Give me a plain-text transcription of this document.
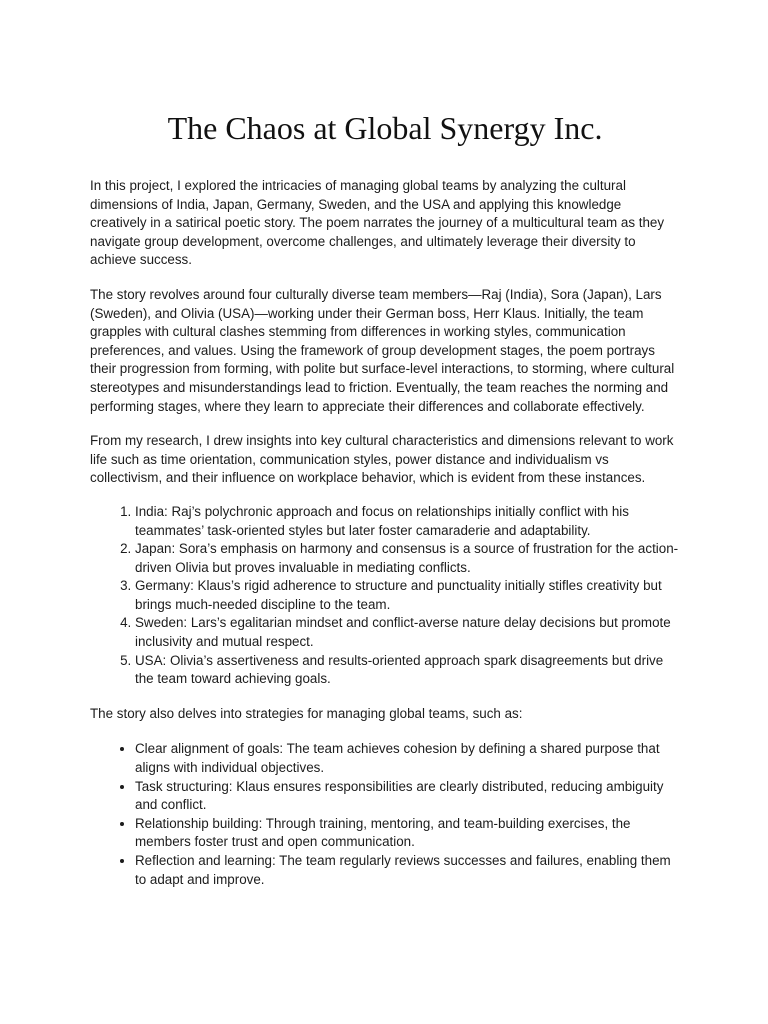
The Chaos at Global Synergy Inc.

In this project, I explored the intricacies of managing global teams by analyzing the cultural dimensions of India, Japan, Germany, Sweden, and the USA and applying this knowledge creatively in a satirical poetic story. The poem narrates the journey of a multicultural team as they navigate group development, overcome challenges, and ultimately leverage their diversity to achieve success.

The story revolves around four culturally diverse team members—Raj (India), Sora (Japan), Lars (Sweden), and Olivia (USA)—working under their German boss, Herr Klaus. Initially, the team grapples with cultural clashes stemming from differences in working styles, communication preferences, and values. Using the framework of group development stages, the poem portrays their progression from forming, with polite but surface-level interactions, to storming, where cultural stereotypes and misunderstandings lead to friction. Eventually, the team reaches the norming and performing stages, where they learn to appreciate their differences and collaborate effectively.

From my research, I drew insights into key cultural characteristics and dimensions relevant to work life such as time orientation, communication styles, power distance and individualism vs collectivism, and their influence on workplace behavior, which is evident from these instances.

1. India: Raj’s polychronic approach and focus on relationships initially conflict with his teammates’ task-oriented styles but later foster camaraderie and adaptability.
2. Japan: Sora’s emphasis on harmony and consensus is a source of frustration for the action-driven Olivia but proves invaluable in mediating conflicts.
3. Germany: Klaus’s rigid adherence to structure and punctuality initially stifles creativity but brings much-needed discipline to the team.
4. Sweden: Lars’s egalitarian mindset and conflict-averse nature delay decisions but promote inclusivity and mutual respect.
5. USA: Olivia’s assertiveness and results-oriented approach spark disagreements but drive the team toward achieving goals.

The story also delves into strategies for managing global teams, such as:

• Clear alignment of goals: The team achieves cohesion by defining a shared purpose that aligns with individual objectives.
• Task structuring: Klaus ensures responsibilities are clearly distributed, reducing ambiguity and conflict.
• Relationship building: Through training, mentoring, and team-building exercises, the members foster trust and open communication.
• Reflection and learning: The team regularly reviews successes and failures, enabling them to adapt and improve.
